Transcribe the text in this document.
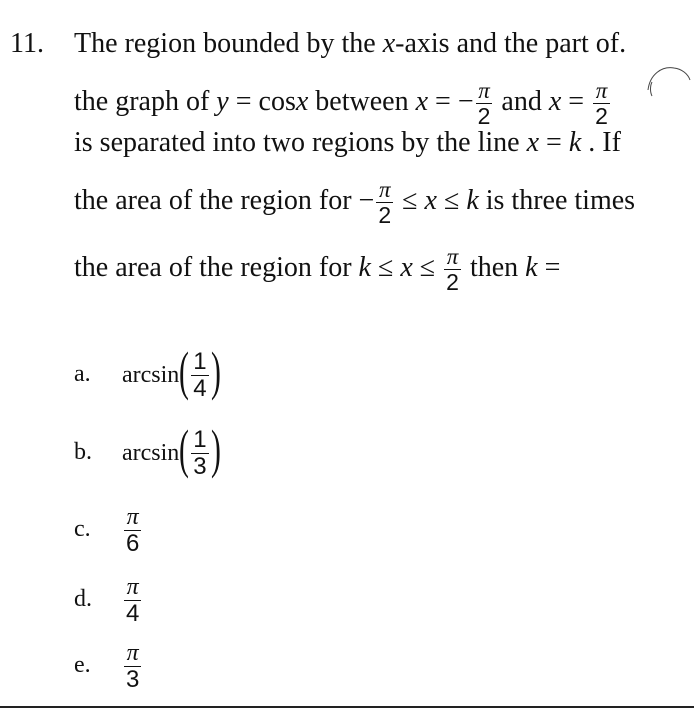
11. The region bounded by the x-axis and the part of.
the graph of y = cosx between x = − $\frac{\pi}{2}$ and $x = \frac{\pi}{2}$
is separated into two regions by the line x = k . If
the area of the region for − $\frac{\pi}{2} \le x \le k$ is three times
the area of the region for $k \le x \le \frac{\pi}{2}$ then k =
a. arcsin ( $\frac{1}{4}$ )
b. arcsin ( $\frac{1}{3}$ )
c. $\frac{\pi}{6}$
d. $\frac{\pi}{4}$
e. $\frac{\pi}{3}$
